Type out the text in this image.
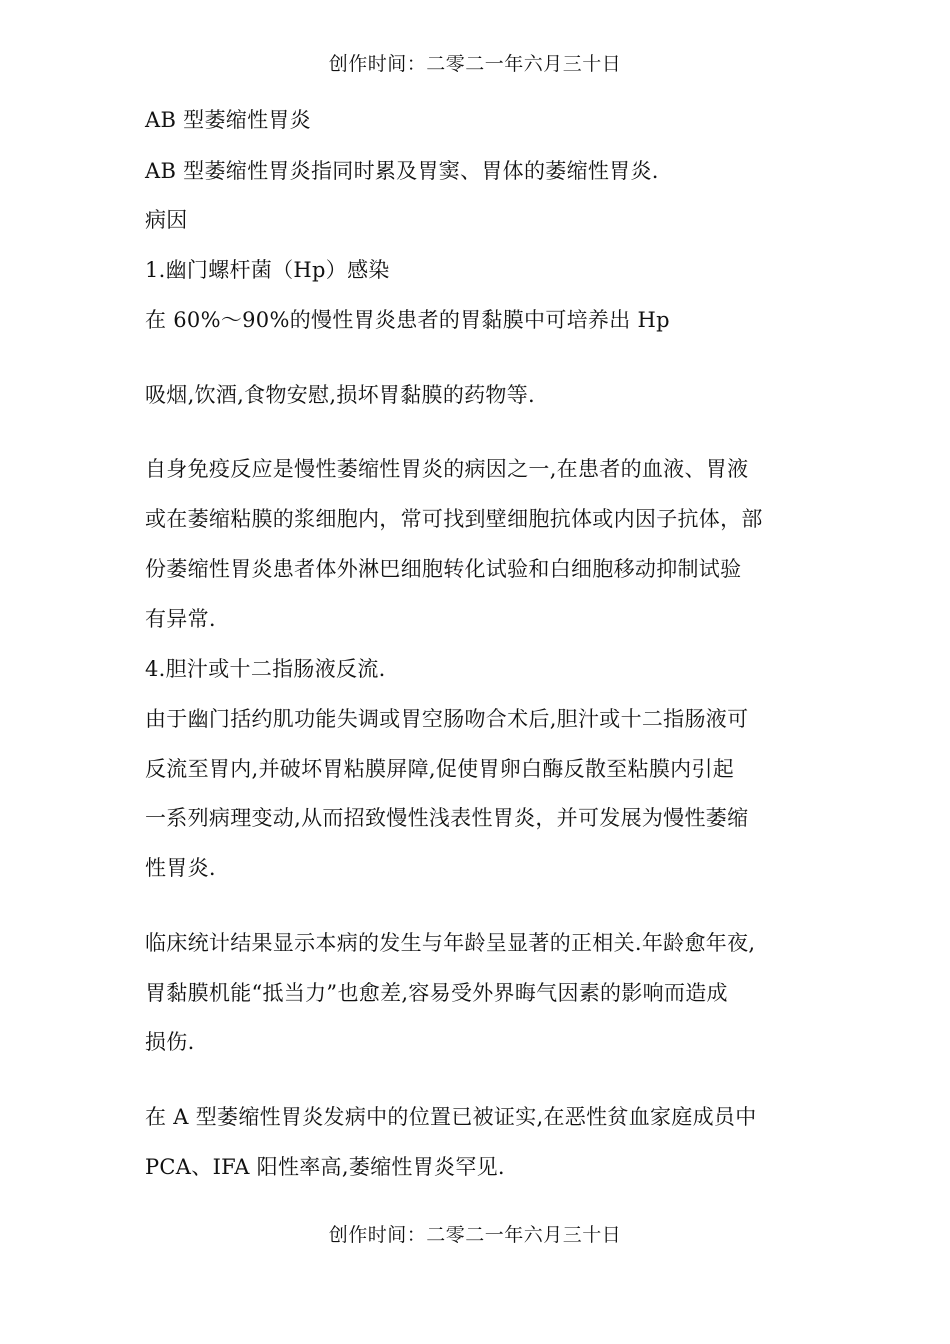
创作时间：二零二一年六月三十日
AB 型萎缩性胃炎
AB 型萎缩性胃炎指同时累及胃窦、胃体的萎缩性胃炎.
病因
1.幽门螺杆菌（Hp）感染
在 60%～90%的慢性胃炎患者的胃黏膜中可培养出 Hp
吸烟,饮酒,食物安慰,损坏胃黏膜的药物等.
自身免疫反应是慢性萎缩性胃炎的病因之一,在患者的血液、胃液
或在萎缩粘膜的浆细胞内，常可找到壁细胞抗体或内因子抗体，部
份萎缩性胃炎患者体外淋巴细胞转化试验和白细胞移动抑制试验
有异常.
4.胆汁或十二指肠液反流.
由于幽门括约肌功能失调或胃空肠吻合术后,胆汁或十二指肠液可
反流至胃内,并破坏胃粘膜屏障,促使胃卵白酶反散至粘膜内引起
一系列病理变动,从而招致慢性浅表性胃炎，并可发展为慢性萎缩
性胃炎.
临床统计结果显示本病的发生与年龄呈显著的正相关.年龄愈年夜,
胃黏膜机能“抵当力”也愈差,容易受外界晦气因素的影响而造成
损伤.
在 A 型萎缩性胃炎发病中的位置已被证实,在恶性贫血家庭成员中
PCA、IFA 阳性率高,萎缩性胃炎罕见.
创作时间：二零二一年六月三十日
